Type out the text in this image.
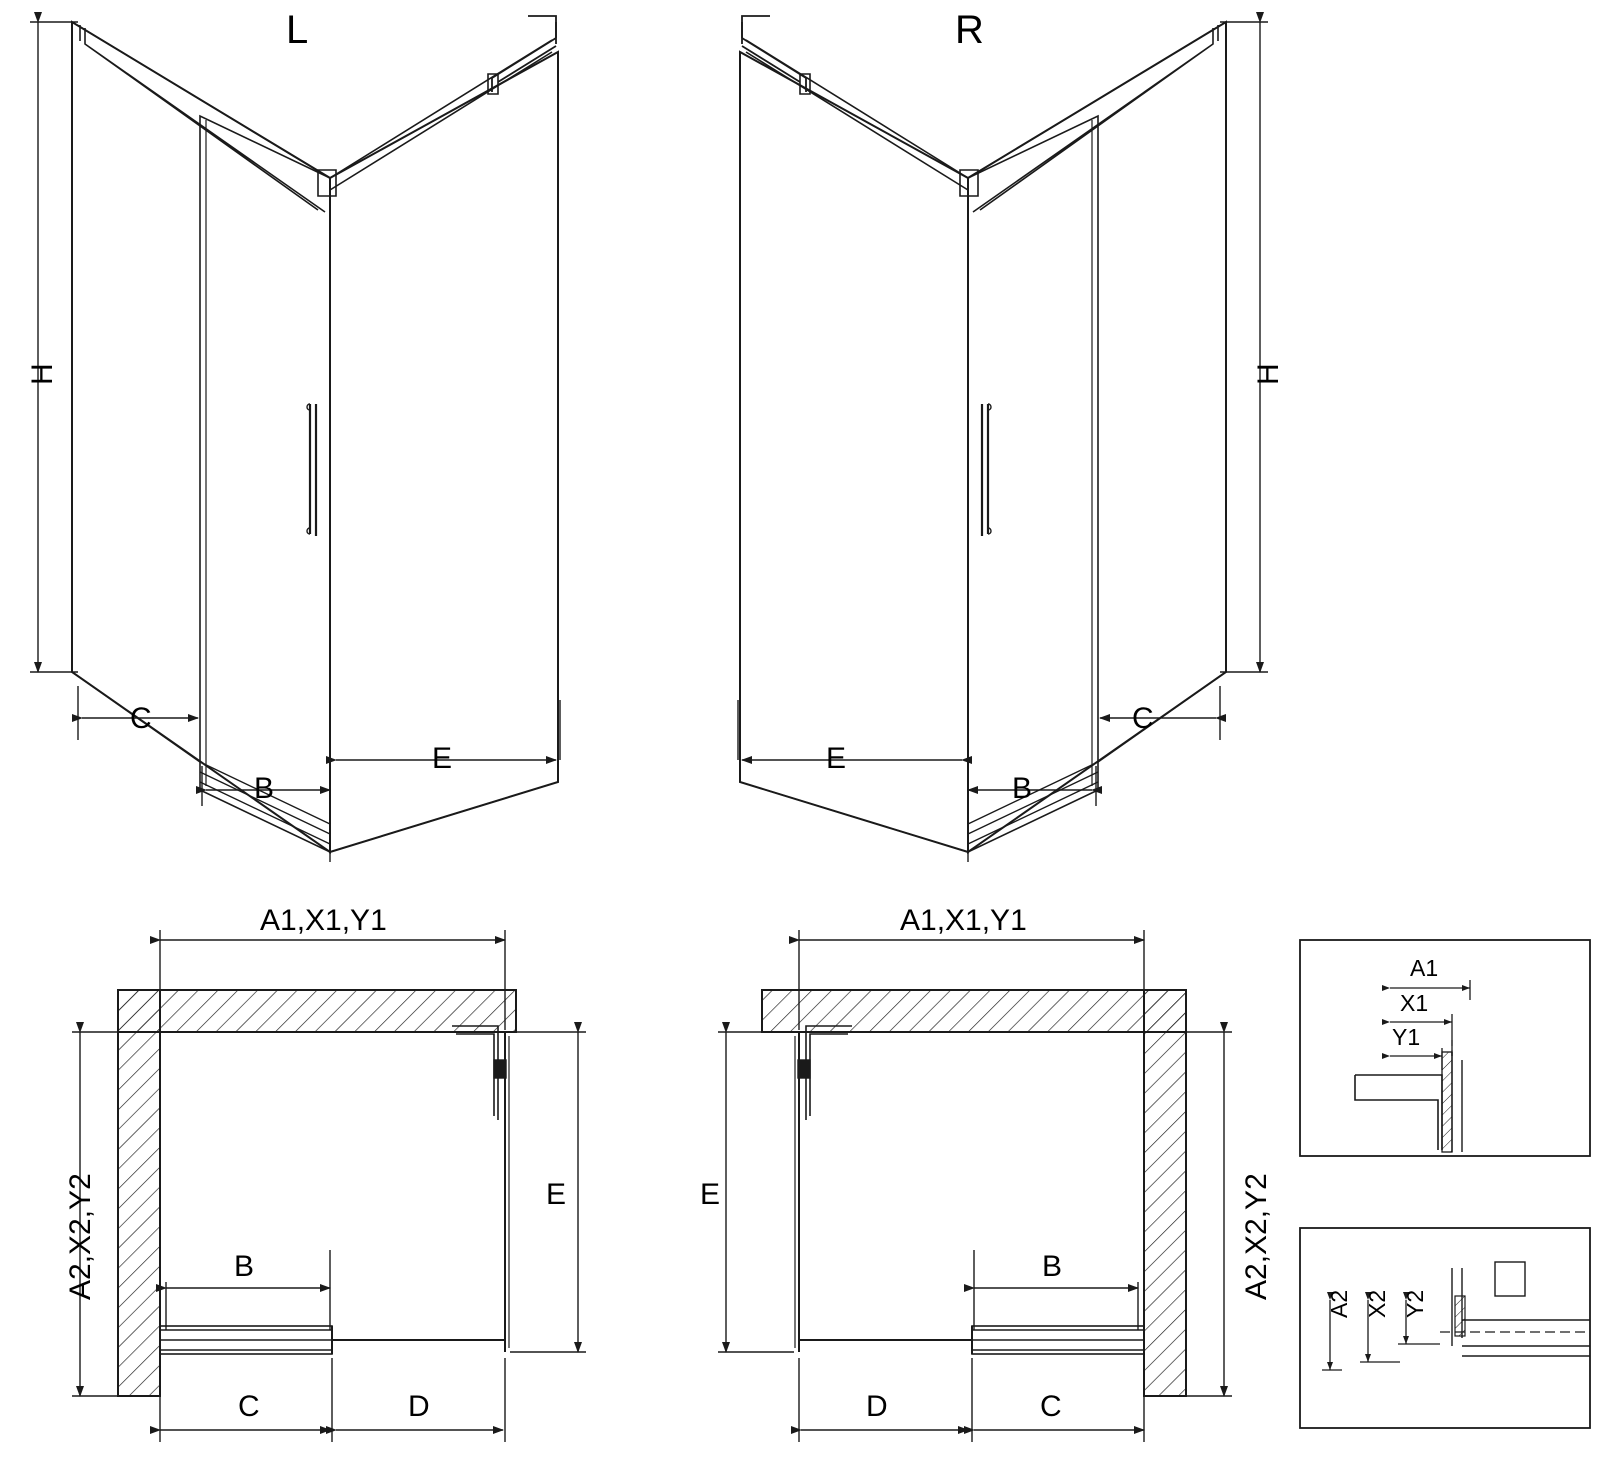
L	R
H
C
B
E
H
E
B
C
A1,X1,Y1
A2,X2,Y2	E
B
C	D
A1,X1,Y1
A2,X2,Y2
E
B
C
D
A1
X1
Y1
A2 X2 Y2
